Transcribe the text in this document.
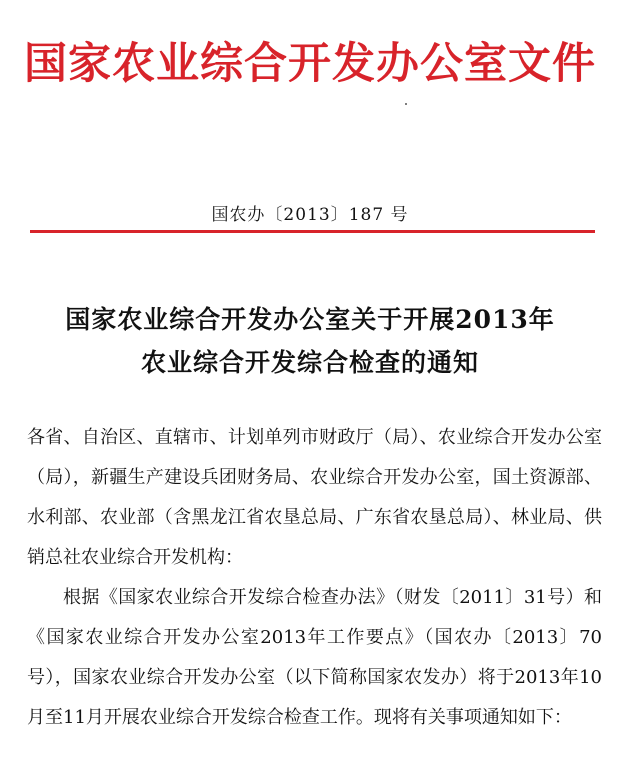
国家农业综合开发办公室文件
国农办〔2013〕187 号
国家农业综合开发办公室关于开展2013年
农业综合开发综合检查的通知

各省、自治区、直辖市、计划单列市财政厅（局）、农业综合开发办公室（局），新疆生产建设兵团财务局、农业综合开发办公室，国土资源部、水利部、农业部（含黑龙江省农垦总局、广东省农垦总局）、林业局、供销总社农业综合开发机构：

根据《国家农业综合开发综合检查办法》（财发〔2011〕31号）和《国家农业综合开发办公室2013年工作要点》（国农办〔2013〕70号），国家农业综合开发办公室（以下简称国家农发办）将于2013年10月至11月开展农业综合开发综合检查工作。现将有关事项通知如下：
